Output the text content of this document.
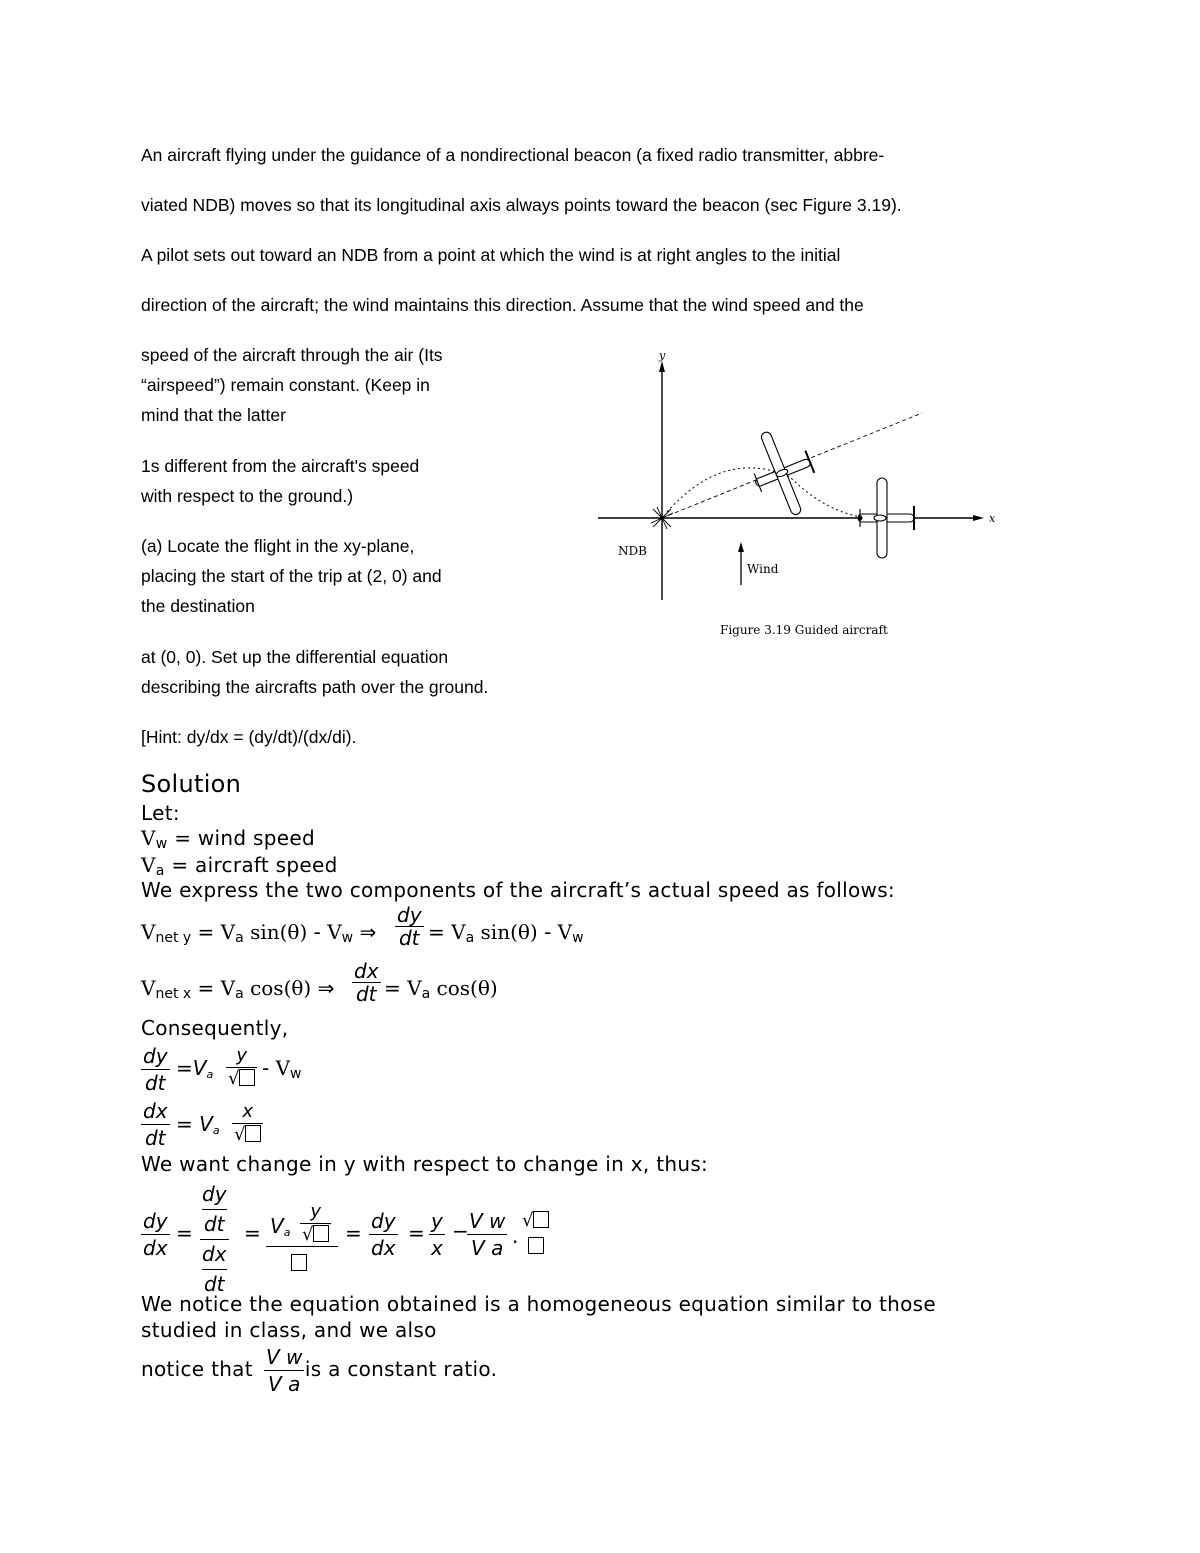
An aircraft flying under the guidance of a nondirectional beacon (a fixed radio transmitter, abbre-
viated NDB) moves so that its longitudinal axis always points toward the beacon (sec Figure 3.19).
A pilot sets out toward an NDB from a point at which the wind is at right angles to the initial
direction of the aircraft; the wind maintains this direction. Assume that the wind speed and the
speed of the aircraft through the air (Its
“airspeed”) remain constant. (Keep in
mind that the latter
1s different from the aircraft's speed
with respect to the ground.)
(a) Locate the flight in the xy-plane,
placing the start of the trip at (2, 0) and
the destination
at (0, 0). Set up the differential equation
describing the aircrafts path over the ground.
[Hint: dy/dx = (dy/dt)/(dx/di).
y
x
Wind
NDB
Figure 3.19 Guided aircraft
Solution
Let:
Vw = wind speed
Va = aircraft speed
We express the two components of the aircraft’s actual speed as follows:
Vnet y = Va sin(θ) - Vw ⇒ $\frac{dy}{dt} = Va$ sin(θ) - Vw
Vnet x = Va cos(θ) ⇒ $\frac{dx}{dt} = Va$ cos(θ)
Consequently,
$\frac{dy}{dt} =Va$
y
√	- Vw
$\frac{dx}{dt} = Va$
x
√
We want change in y with respect to change in x, thus:
$\frac{dy}{dx}$ =
dy
dt
dx
dt
= Va
y
√	= $\frac{dy}{dx} = \frac{y}{x}$ −
$\frac{\text{V w}}{\text{V a}}$ .
√
We notice the equation obtained is a homogeneous equation similar to those
studied in class, and we also
notice that	is a constant ratio.
$\frac{\text{V w}}{\text{V a}}$
